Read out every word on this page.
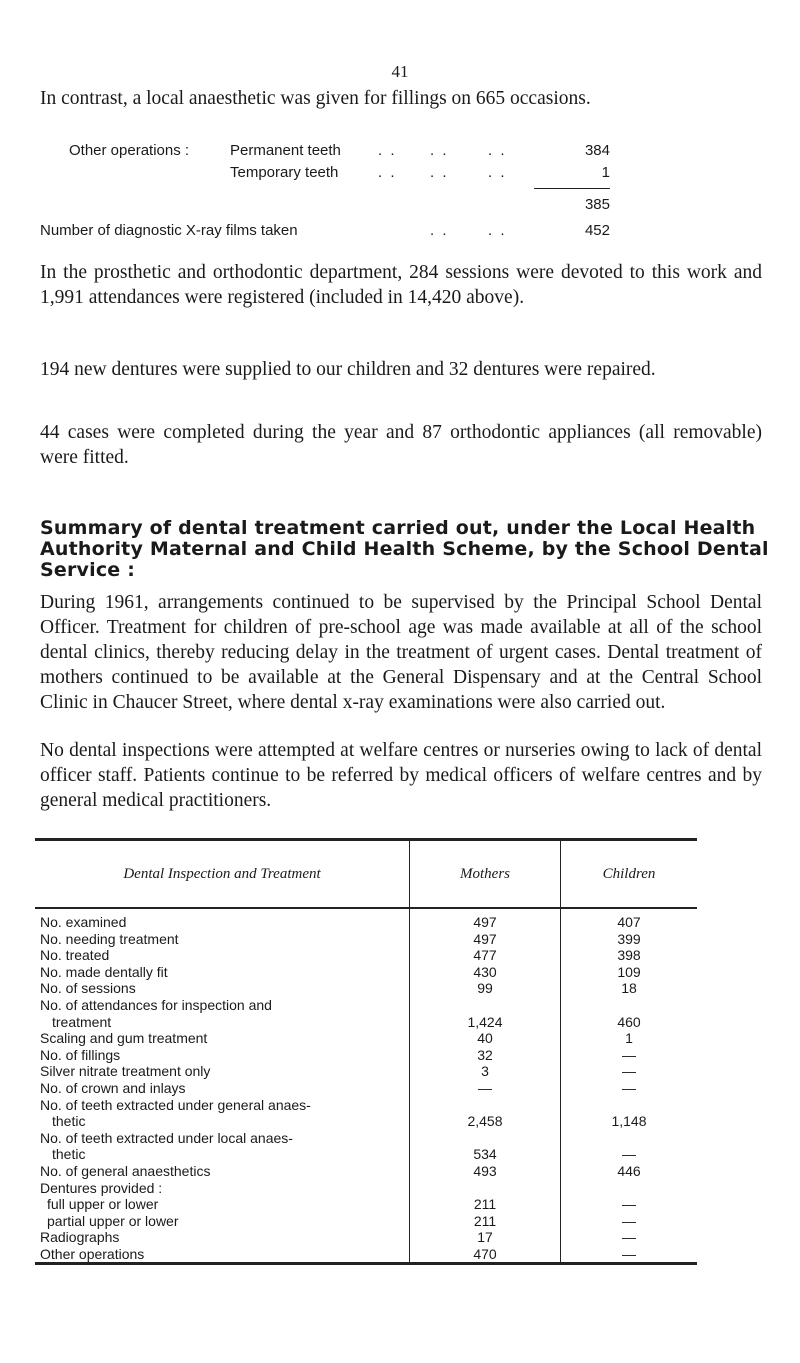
41
In contrast, a local anaesthetic was given for fillings on 665 occasions.
Other operations :	Permanent teeth . . . .	. .	384
Temporary teeth	. . . .	. .	1
385
Number of diagnostic X-ray films taken	. .	. .	452

In the prosthetic and orthodontic department, 284 sessions were devoted to this work and 1,991 attendances were registered (included in 14,420 above).

194 new dentures were supplied to our children and 32 dentures were repaired.

44 cases were completed during the year and 87 orthodontic appliances (all removable) were fitted.

Summary of dental treatment carried out, under the Local Health Authority Maternal and Child Health Scheme, by the School Dental Service :

During 1961, arrangements continued to be supervised by the Principal School Dental Officer. Treatment for children of pre-school age was made available at all of the school dental clinics, thereby reducing delay in the treatment of urgent cases. Dental treatment of mothers continued to be available at the General Dispensary and at the Central School Clinic in Chaucer Street, where dental x-ray examinations were also carried out.

No dental inspections were attempted at welfare centres or nurseries owing to lack of dental officer staff. Patients continue to be referred by medical officers of welfare centres and by general medical practitioners.

Dental Inspection and Treatment	Mothers	Children

No. examined	497	407

No. needing treatment	497	399

No. treated	477	398

No. made dentally fit	430	109

No. of sessions	99	18

No. of attendances for inspection and
treatment	1,424	460

Scaling and gum treatment	40	1

No. of fillings	32	—

Silver nitrate treatment only	3	—

No. of crown and inlays	—	—

No. of teeth extracted under general anaes-
thetic	2,458	1,148

No. of teeth extracted under local anaes-
thetic	534	—

No. of general anaesthetics	493	446

Dentures provided :		

full upper or lower	211	—

partial upper or lower	211	—

Radiographs	17	—

Other operations	470	—
